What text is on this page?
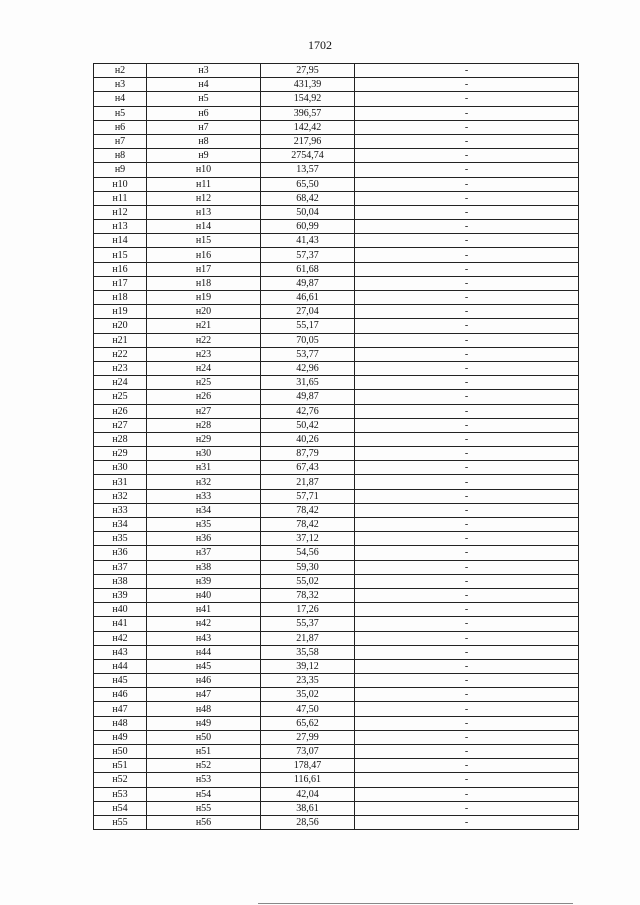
1702
н2	н3	27,95	-
н3	н4	431,39	-
н4	н5	154,92	-
н5	н6	396,57	-
н6	н7	142,42	-
н7	н8	217,96	-
н8	н9	2754,74	-
н9	н10	13,57	-
н10	н11	65,50	-
н11	н12	68,42	-
н12	н13	50,04	-
н13	н14	60,99	-
н14	н15	41,43	-
н15	н16	57,37	-
н16	н17	61,68	-
н17	н18	49,87	-
н18	н19	46,61	-
н19	н20	27,04	-
н20	н21	55,17	-
н21	н22	70,05	-
н22	н23	53,77	-
н23	н24	42,96	-
н24	н25	31,65	-
н25	н26	49,87	-
н26	н27	42,76	-
н27	н28	50,42	-
н28	н29	40,26	-
н29	н30	87,79	-
н30	н31	67,43	-
н31	н32	21,87	-
н32	н33	57,71	-
н33	н34	78,42	-
н34	н35	78,42	-
н35	н36	37,12	-
н36	н37	54,56	-
н37	н38	59,30	-
н38	н39	55,02	-
н39	н40	78,32	-
н40	н41	17,26	-
н41	н42	55,37	-
н42	н43	21,87	-
н43	н44	35,58	-
н44	н45	39,12	-
н45	н46	23,35	-
н46	н47	35,02	-
н47	н48	47,50	-
н48	н49	65,62	-
н49	н50	27,99	-
н50	н51	73,07	-
н51	н52	178,47	-
н52	н53	116,61	-
н53	н54	42,04	-
н54	н55	38,61	-
н55	н56	28,56	-
